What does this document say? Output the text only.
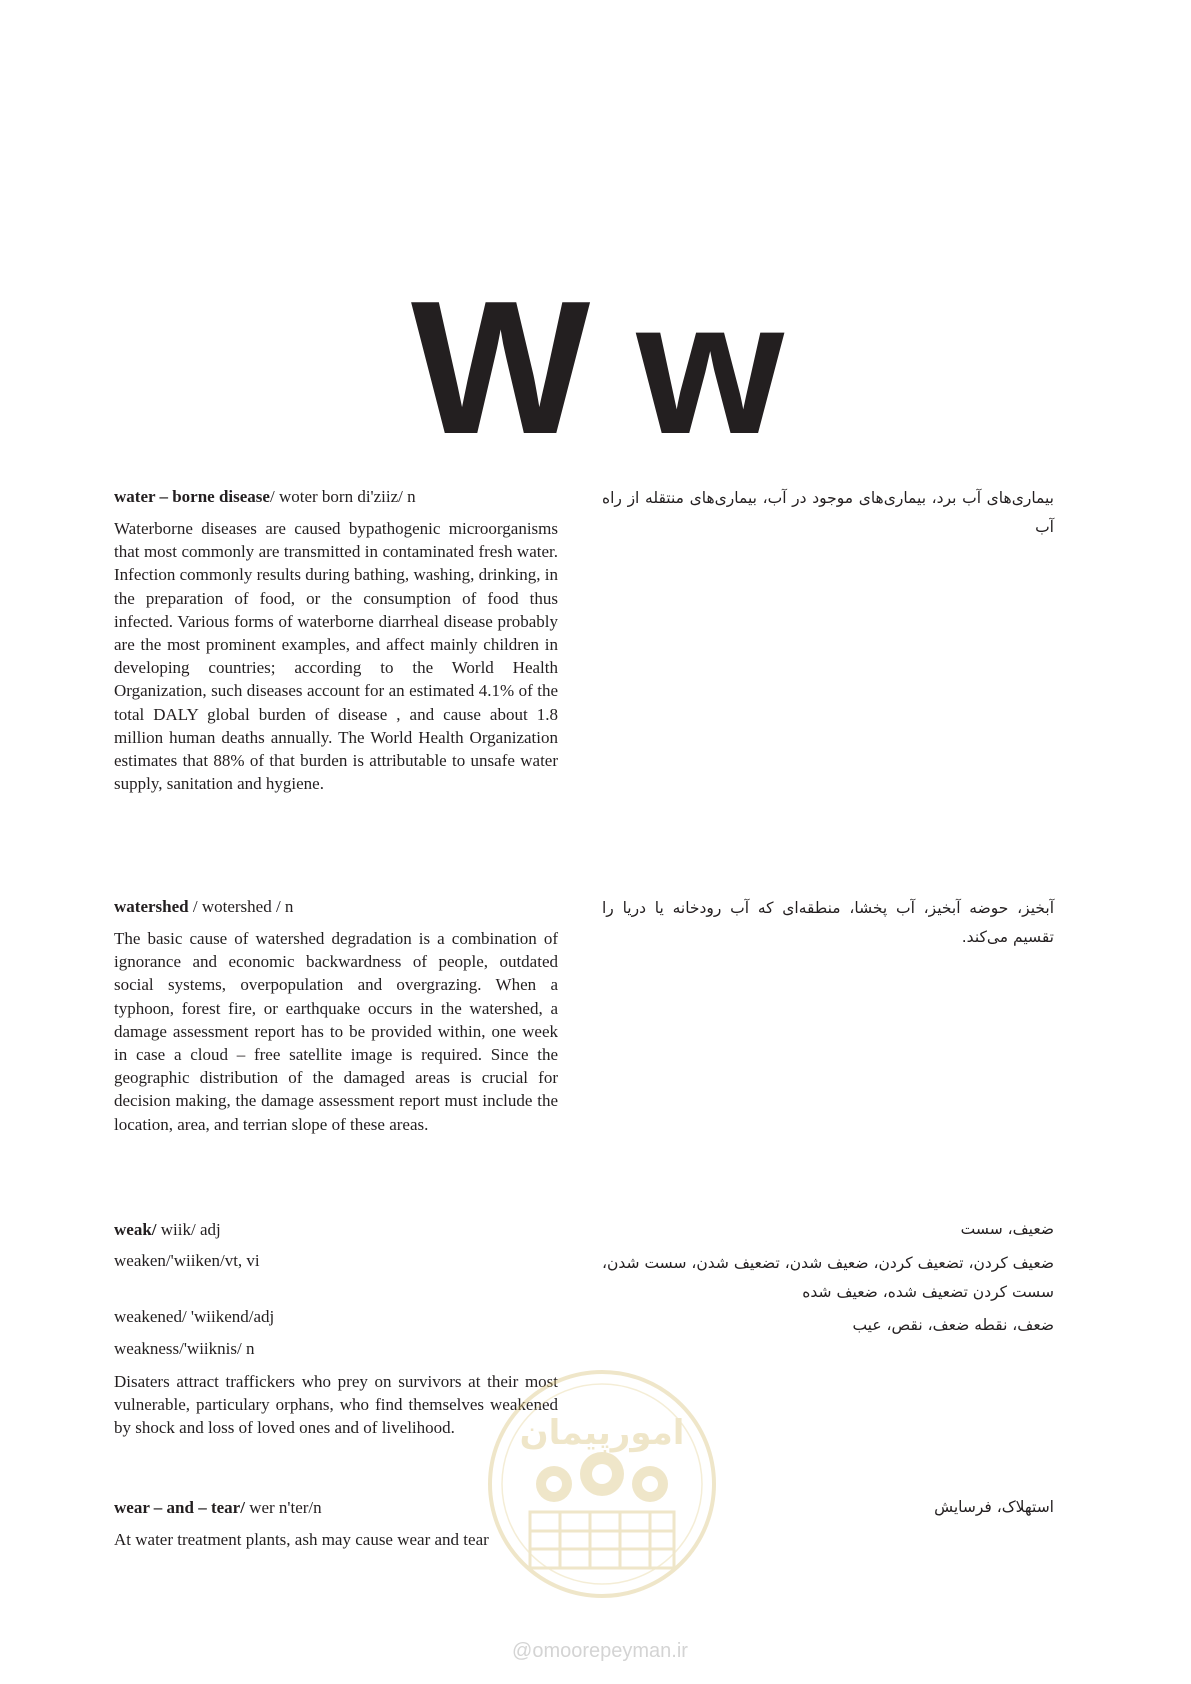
W w

water – borne disease/ woter born di'ziiz/ n

Waterborne diseases are caused bypathogenic microorganisms that most commonly are transmitted in contaminated fresh water. Infection commonly results during bathing, washing, drinking, in the preparation of food, or the consumption of food thus infected. Various forms of waterborne diarrheal disease probably are the most prominent examples, and affect mainly children in developing countries; according to the World Health Organization, such diseases account for an estimated 4.1% of the total DALY global burden of disease , and cause about 1.8 million human deaths annually. The World Health Organization estimates that 88% of that burden is attributable to unsafe water supply, sanitation and hygiene.

بیماری‌های آب برد، بیماری‌های موجود در آب، بیماری‌های منتقله از راه آب

watershed / wotershed / n

The basic cause of watershed degradation is a combination of ignorance and economic backwardness of people, outdated social systems, overpopulation and overgrazing. When a typhoon, forest fire, or earthquake occurs in the watershed, a damage assessment report has to be provided within, one week in case a cloud – free satellite image is required. Since the geographic distribution of the damaged areas is crucial for decision making, the damage assessment report must include the location, area, and terrian slope of these areas.

آبخیز، حوضه آبخیز، آب پخشا، منطقه‌ای که آب رودخانه یا دریا را تقسیم می‌کند.

weak/ wiik/ adj

weaken/'wiiken/vt, vi

weakened/ 'wiikend/adj

weakness/'wiiknis/ n

Disaters attract traffickers who prey on survivors at their most vulnerable, particulary orphans, who find themselves weakened by shock and loss of loved ones and of livelihood.

ضعیف، سست

ضعیف کردن، تضعیف کردن، ضعیف شدن، تضعیف شدن، سست شدن، سست کردن تضعیف شده، ضعیف شده

ضعف، نقطه ضعف، نقص، عیب

wear – and – tear/ wer n'ter/n

At water treatment plants, ash may cause wear and tear

استهلاک، فرسایش

امورپیمان
@omoorepeyman.ir
